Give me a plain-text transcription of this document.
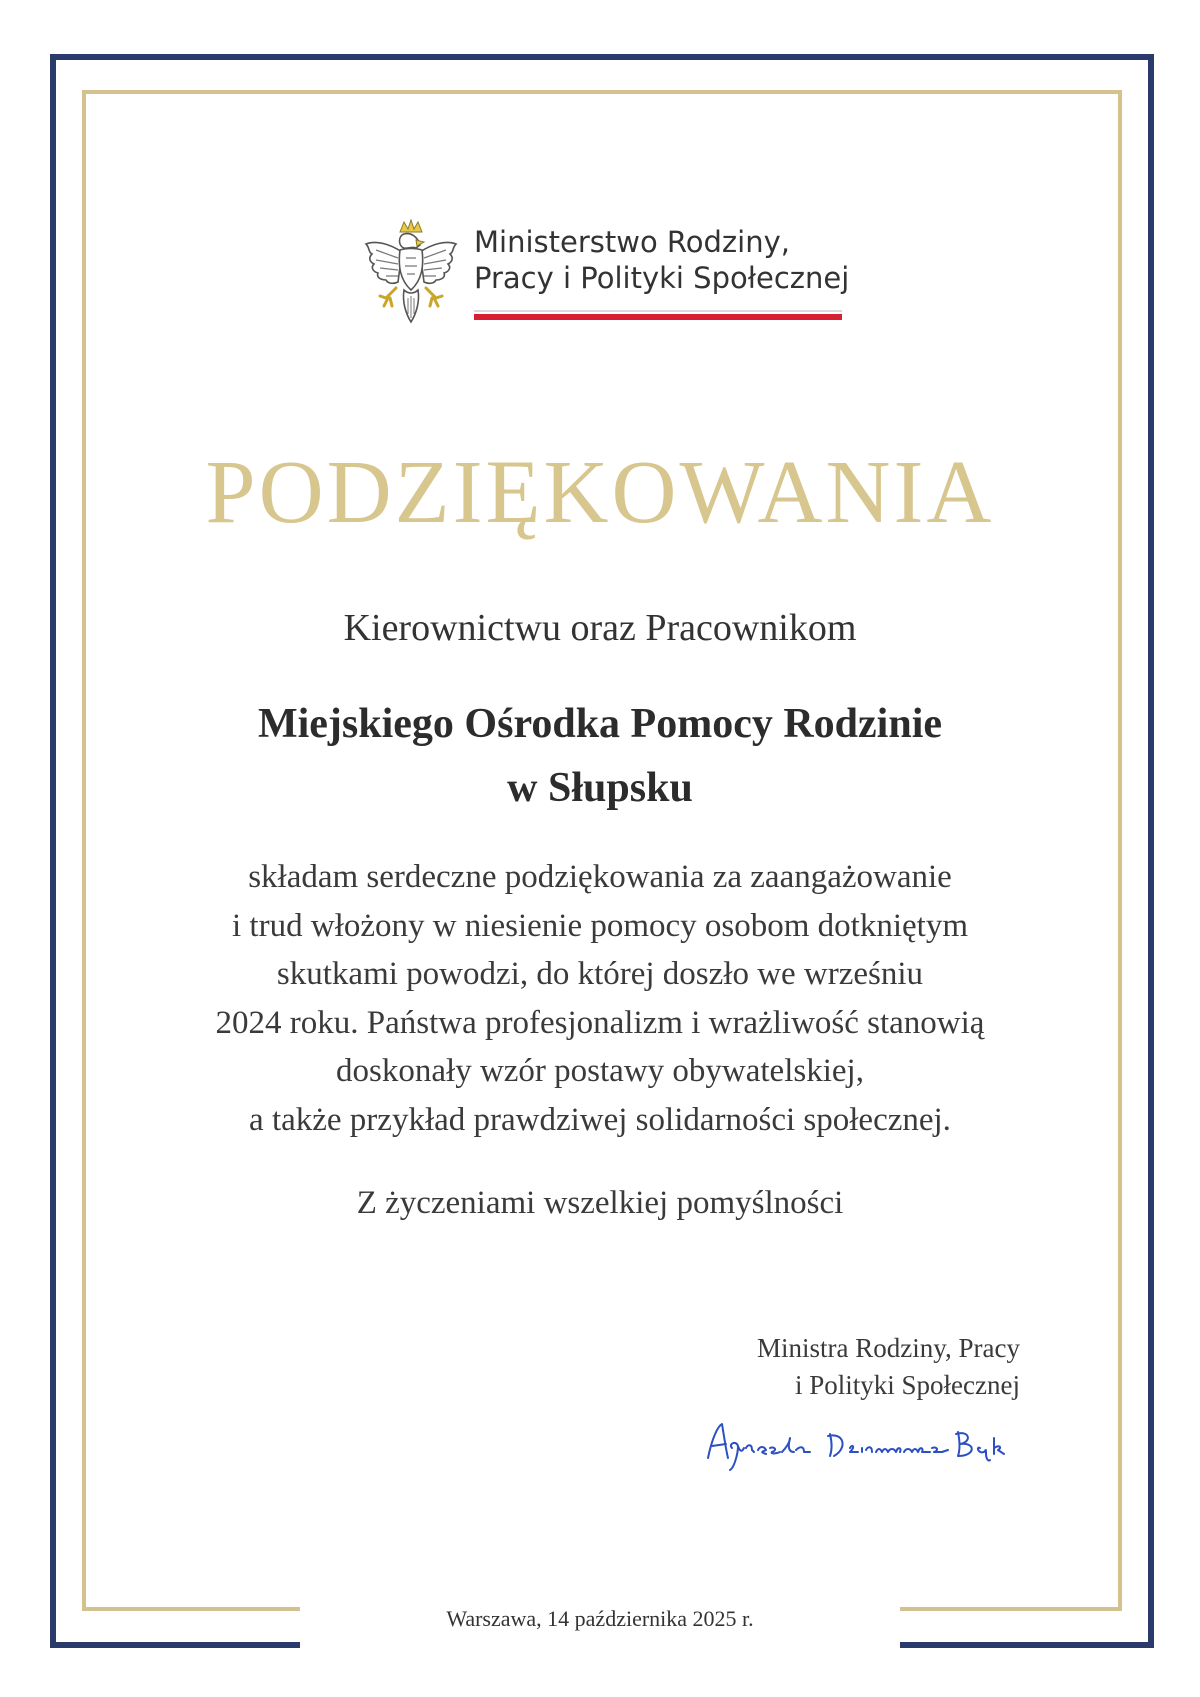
Ministerstwo Rodziny,
Pracy i Polityki Społecznej
PODZIĘKOWANIA
Kierownictwu oraz Pracownikom
Miejskiego Ośrodka Pomocy Rodzinie
w Słupsku
składam serdeczne podziękowania za zaangażowanie
i trud włożony w niesienie pomocy osobom dotkniętym
skutkami powodzi, do której doszło we wrześniu
2024 roku. Państwa profesjonalizm i wrażliwość stanowią
doskonały wzór postawy obywatelskiej,
a także przykład prawdziwej solidarności społecznej.
Z życzeniami wszelkiej pomyślności
Ministra Rodziny, Pracy
i Polityki Społecznej
Warszawa, 14 października 2025 r.
